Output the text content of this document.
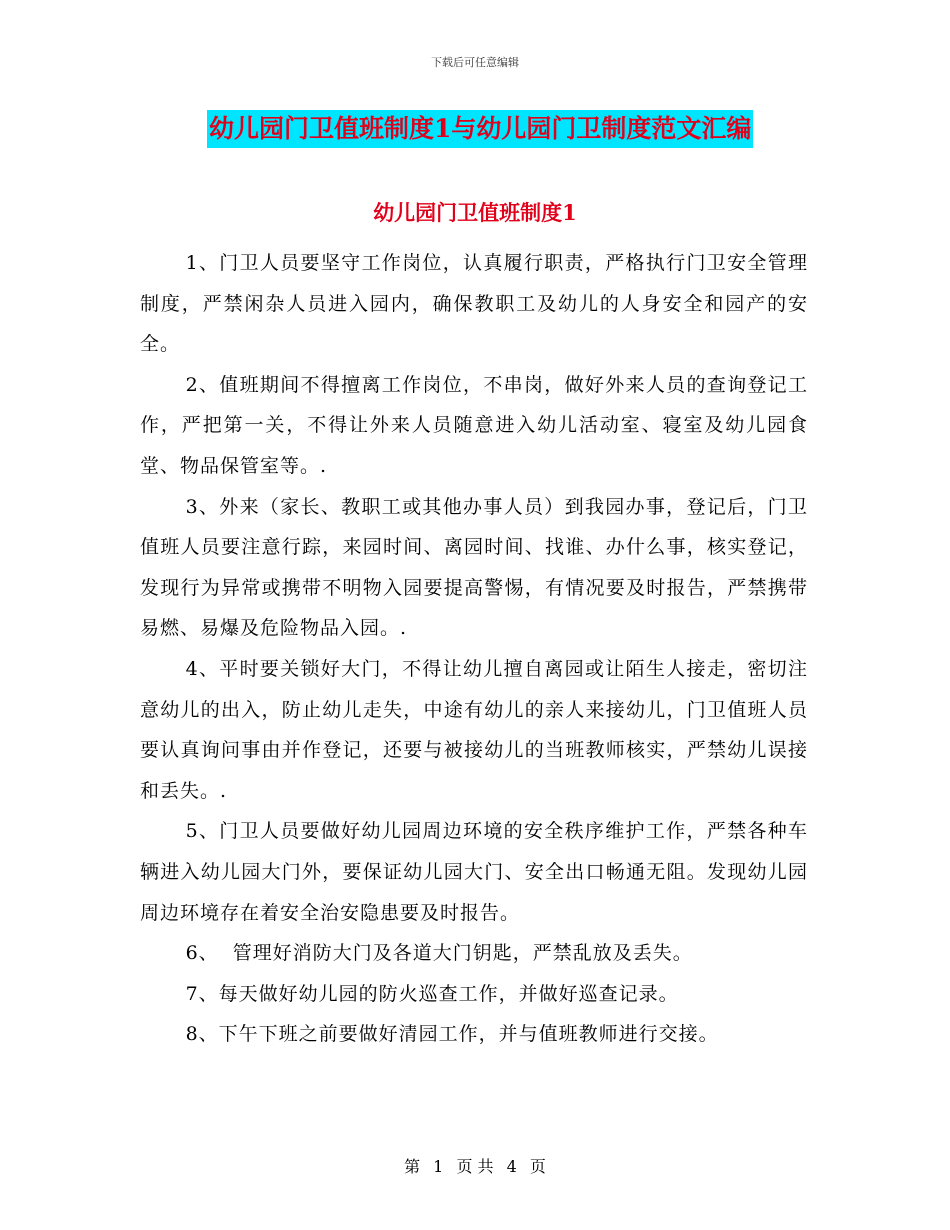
下载后可任意编辑
幼儿园门卫值班制度1与幼儿园门卫制度范文汇编
幼儿园门卫值班制度1

1、门卫人员要坚守工作岗位，认真履行职责，严格执行门卫安全管理制度，严禁闲杂人员进入园内，确保教职工及幼儿的人身安全和园产的安全。

2、值班期间不得擅离工作岗位，不串岗，做好外来人员的查询登记工作，严把第一关，不得让外来人员随意进入幼儿活动室、寝室及幼儿园食堂、物品保管室等。.

3、外来（家长、教职工或其他办事人员）到我园办事，登记后，门卫值班人员要注意行踪，来园时间、离园时间、找谁、办什么事，核实登记，发现行为异常或携带不明物入园要提高警惕，有情况要及时报告，严禁携带易燃、易爆及危险物品入园。.

4、平时要关锁好大门，不得让幼儿擅自离园或让陌生人接走，密切注意幼儿的出入，防止幼儿走失，中途有幼儿的亲人来接幼儿，门卫值班人员要认真询问事由并作登记，还要与被接幼儿的当班教师核实，严禁幼儿误接和丢失。.

5、门卫人员要做好幼儿园周边环境的安全秩序维护工作，严禁各种车辆进入幼儿园大门外，要保证幼儿园大门、安全出口畅通无阻。发现幼儿园周边环境存在着安全治安隐患要及时报告。

6、  管理好消防大门及各道大门钥匙，严禁乱放及丢失。

7、每天做好幼儿园的防火巡查工作，并做好巡查记录。

8、下午下班之前要做好清园工作，并与值班教师进行交接。

第 1 页 共 4 页
